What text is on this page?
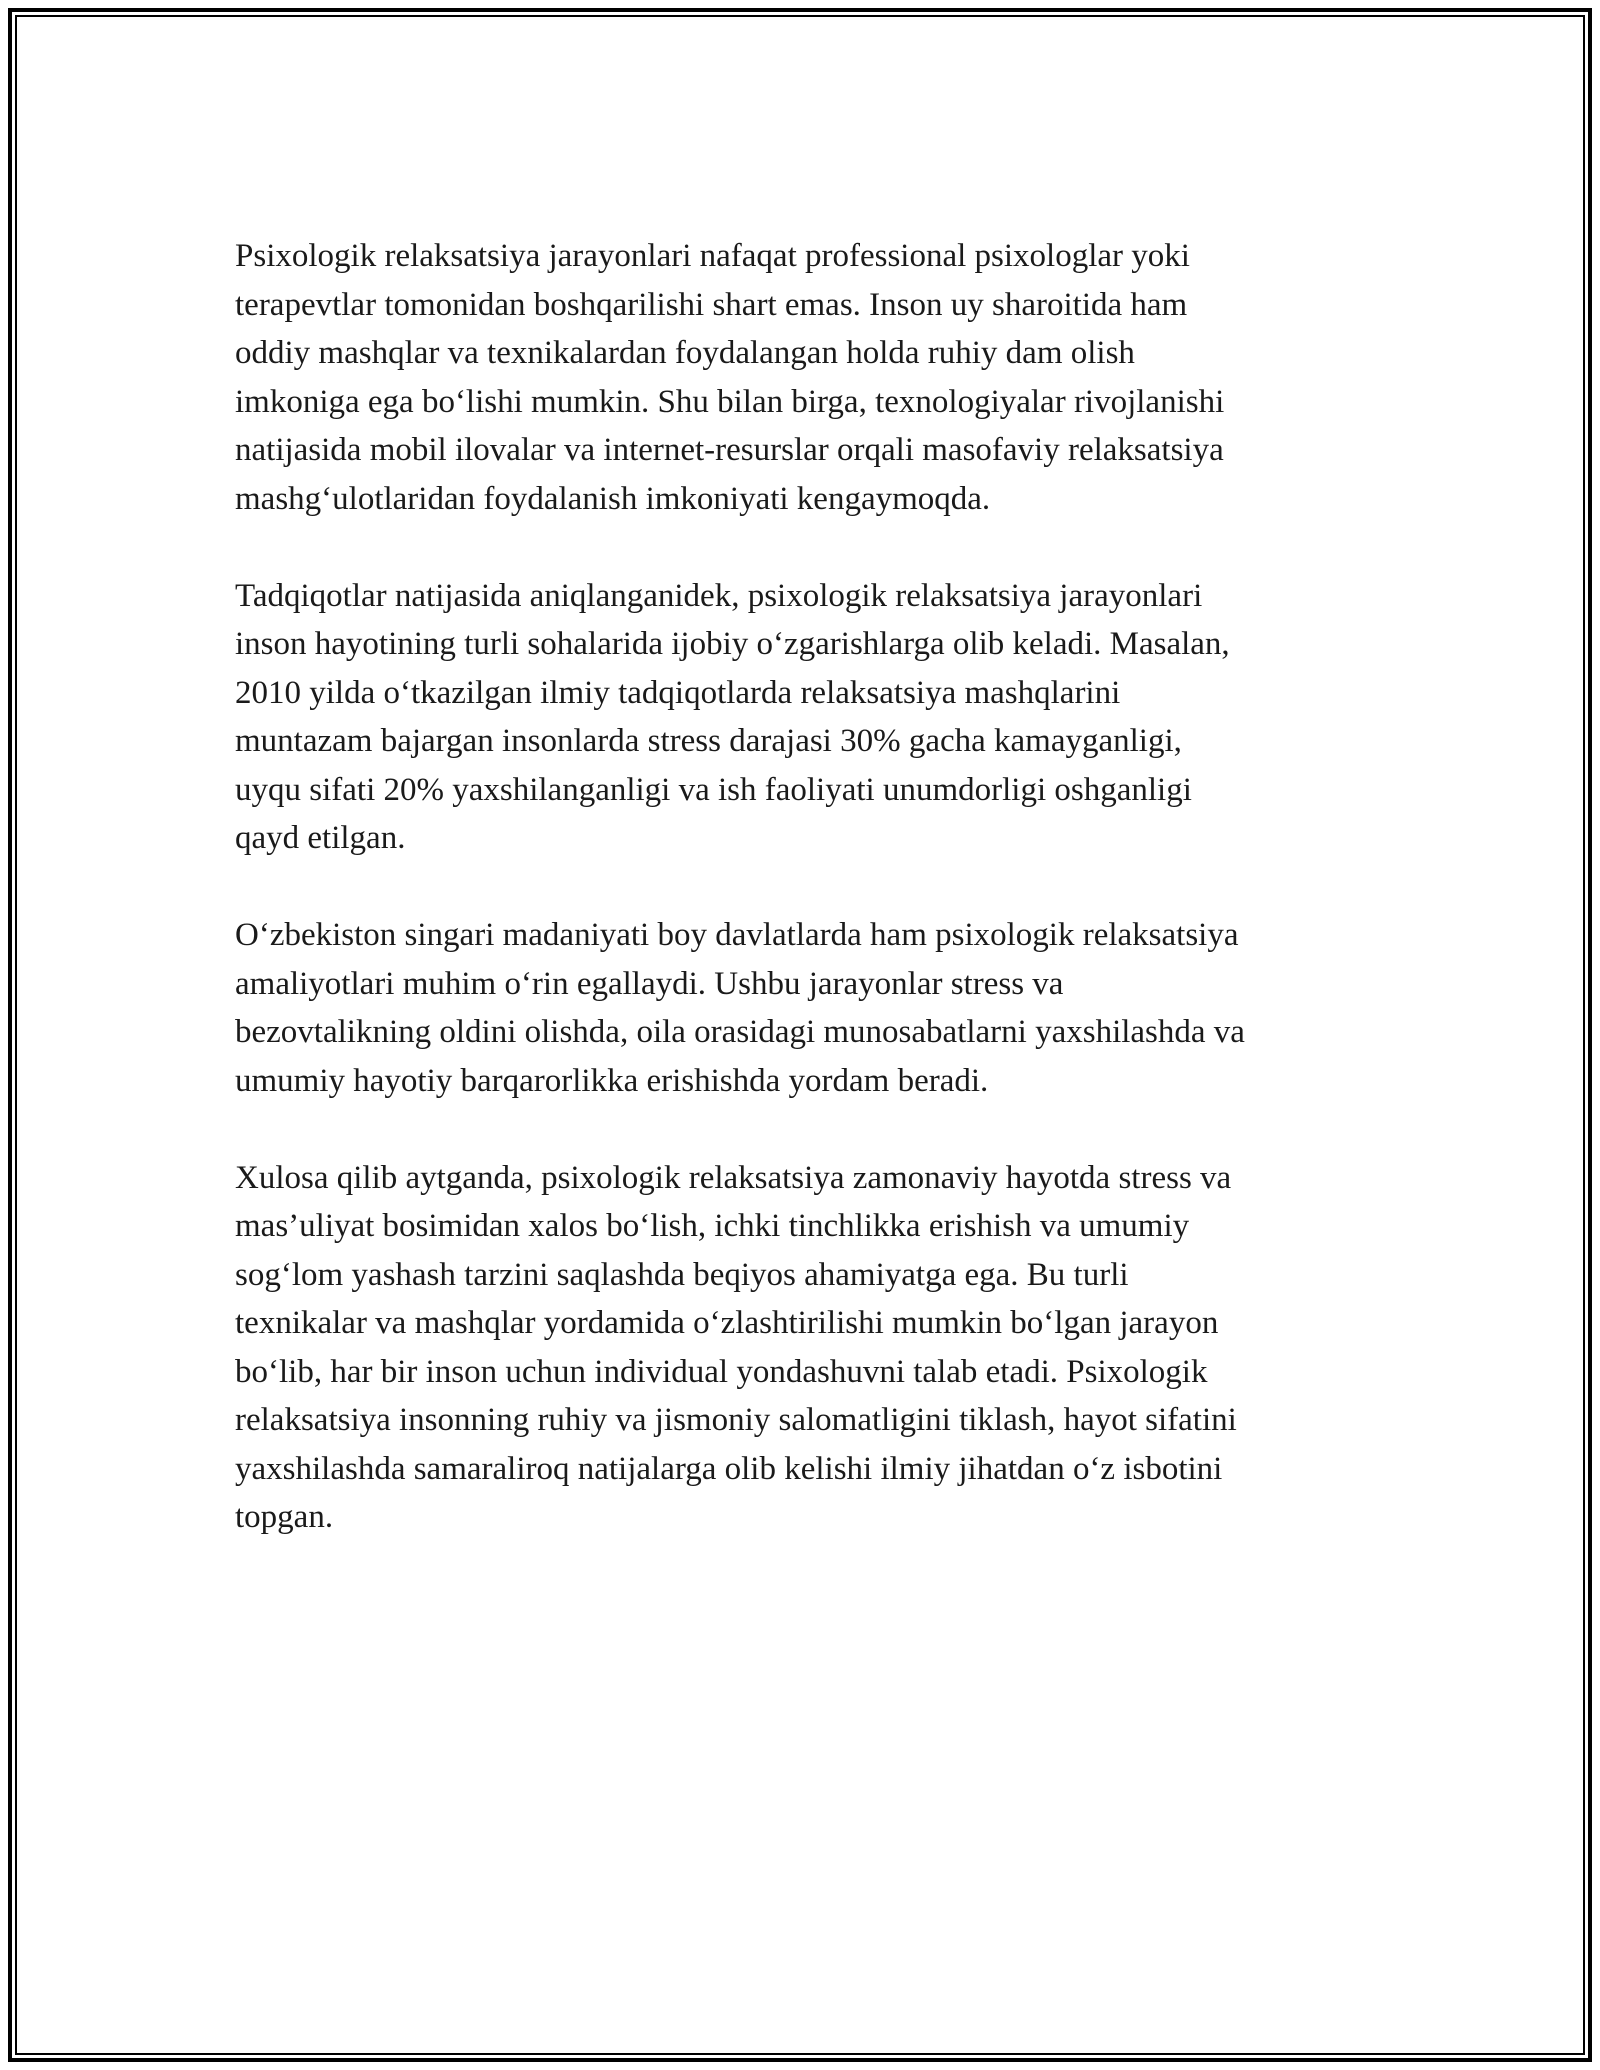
Psixologik relaksatsiya jarayonlari nafaqat professional psixologlar yoki
terapevtlar tomonidan boshqarilishi shart emas. Inson uy sharoitida ham
oddiy mashqlar va texnikalardan foydalangan holda ruhiy dam olish
imkoniga ega boʻlishi mumkin. Shu bilan birga, texnologiyalar rivojlanishi
natijasida mobil ilovalar va internet-resurslar orqali masofaviy relaksatsiya
mashgʻulotlaridan foydalanish imkoniyati kengaymoqda.

Tadqiqotlar natijasida aniqlanganidek, psixologik relaksatsiya jarayonlari
inson hayotining turli sohalarida ijobiy oʻzgarishlarga olib keladi. Masalan,
2010 yilda oʻtkazilgan ilmiy tadqiqotlarda relaksatsiya mashqlarini
muntazam bajargan insonlarda stress darajasi 30% gacha kamayganligi,
uyqu sifati 20% yaxshilanganligi va ish faoliyati unumdorligi oshganligi
qayd etilgan.

Oʻzbekiston singari madaniyati boy davlatlarda ham psixologik relaksatsiya
amaliyotlari muhim oʻrin egallaydi. Ushbu jarayonlar stress va
bezovtalikning oldini olishda, oila orasidagi munosabatlarni yaxshilashda va
umumiy hayotiy barqarorlikka erishishda yordam beradi.

Xulosa qilib aytganda, psixologik relaksatsiya zamonaviy hayotda stress va
mas’uliyat bosimidan xalos boʻlish, ichki tinchlikka erishish va umumiy
sogʻlom yashash tarzini saqlashda beqiyos ahamiyatga ega. Bu turli
texnikalar va mashqlar yordamida oʻzlashtirilishi mumkin boʻlgan jarayon
boʻlib, har bir inson uchun individual yondashuvni talab etadi. Psixologik
relaksatsiya insonning ruhiy va jismoniy salomatligini tiklash, hayot sifatini
yaxshilashda samaraliroq natijalarga olib kelishi ilmiy jihatdan oʻz isbotini
topgan.
